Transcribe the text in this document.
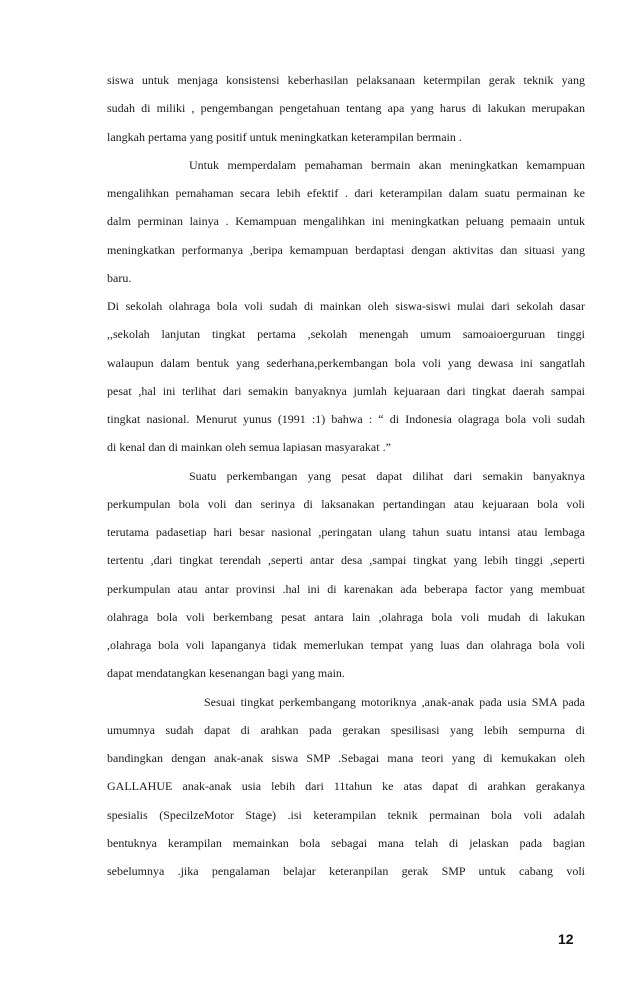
siswa untuk menjaga konsistensi keberhasilan pelaksanaan ketermpilan gerak teknik yang
sudah di miliki , pengembangan pengetahuan tentang apa yang harus di lakukan merupakan
langkah pertama yang positif untuk meningkatkan keterampilan bermain .
Untuk memperdalam pemahaman bermain akan meningkatkan kemampuan
mengalihkan pemahaman secara lebih efektif . dari keterampilan dalam suatu permainan ke
dalm perminan lainya . Kemampuan mengalihkan ini meningkatkan peluang pemaain untuk
meningkatkan performanya ,beripa kemampuan berdaptasi dengan aktivitas dan situasi yang
baru.
Di sekolah olahraga bola voli sudah di mainkan oleh siswa-siswi mulai dari sekolah dasar
,,sekolah lanjutan tingkat pertama ,sekolah menengah umum samoaioerguruan tinggi
walaupun dalam bentuk yang sederhana,perkembangan bola voli yang dewasa ini sangatlah
pesat ,hal ini terlihat dari semakin banyaknya jumlah kejuaraan dari tingkat daerah sampai
tingkat nasional. Menurut yunus (1991 :1) bahwa : “ di Indonesia olagraga bola voli sudah
di kenal dan di mainkan oleh semua lapiasan masyarakat .”
Suatu perkembangan yang pesat dapat dilihat dari semakin banyaknya
perkumpulan bola voli dan serinya di laksanakan pertandingan atau kejuaraan bola voli
terutama padasetiap hari besar nasional ,peringatan ulang tahun suatu intansi atau lembaga
tertentu ,dari tingkat terendah ,seperti antar desa ,sampai tingkat yang lebih tinggi ,seperti
perkumpulan atau antar provinsi .hal ini di karenakan ada beberapa factor yang membuat
olahraga bola voli berkembang pesat antara lain ,olahraga bola voli mudah di lakukan
,olahraga bola voli lapanganya tidak memerlukan tempat yang luas dan olahraga bola voli
dapat mendatangkan kesenangan bagi yang main.
Sesuai tingkat perkembangang motoriknya ,anak-anak pada usia SMA pada
umumnya sudah dapat di arahkan pada gerakan spesilisasi yang lebih sempurna di
bandingkan dengan anak-anak siswa SMP .Sebagai mana teori yang di kemukakan oleh
GALLAHUE anak-anak usia lebih dari 11tahun ke atas dapat di arahkan gerakanya
spesialis (SpecilzeMotor Stage) .isi keterampilan teknik permainan bola voli adalah
bentuknya kerampilan memainkan bola sebagai mana telah di jelaskan pada bagian
sebelumnya .jika pengalaman belajar keteranpilan gerak SMP untuk cabang voli
12
